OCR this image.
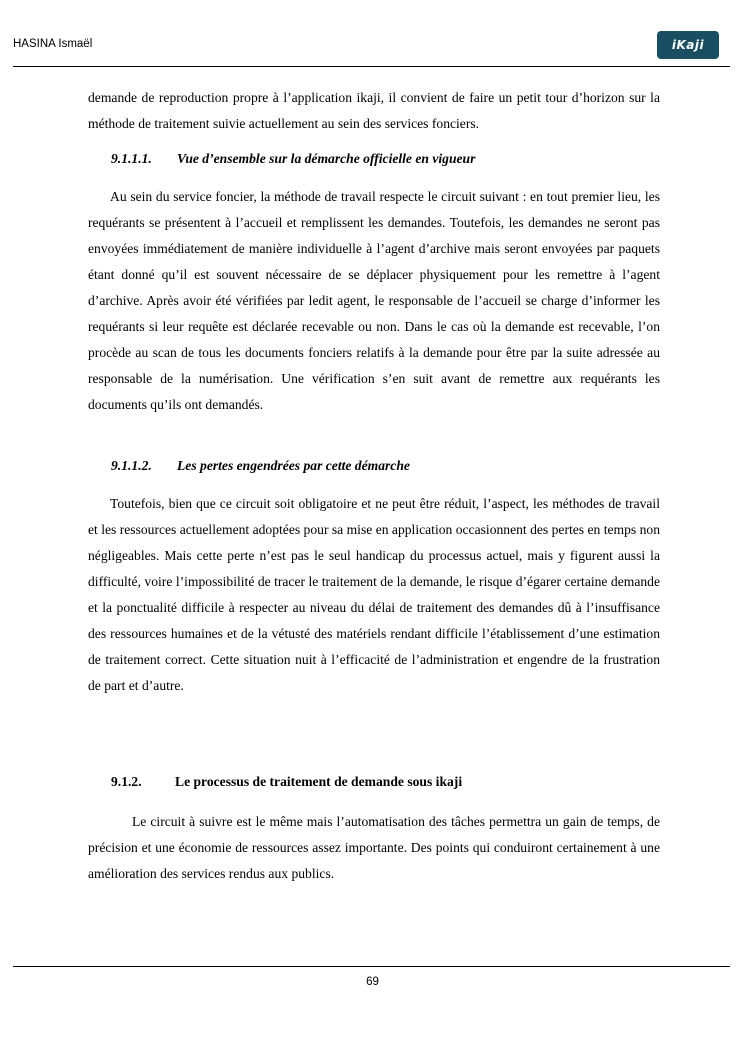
HASINA Ismaël	iKaji

demande de reproduction propre à l’application ikaji, il convient de faire un petit tour d’horizon sur la méthode de traitement suivie actuellement au sein des services fonciers.

9.1.1.1. Vue d’ensemble sur la démarche officielle en vigueur

Au sein du service foncier, la méthode de travail respecte le circuit suivant : en tout premier lieu, les requérants se présentent à l’accueil et remplissent les demandes. Toutefois, les demandes ne seront pas envoyées immédiatement de manière individuelle à l’agent d’archive mais seront envoyées par paquets étant donné qu’il est souvent nécessaire de se déplacer physiquement pour les remettre à l’agent d’archive. Après avoir été vérifiées par ledit agent, le responsable de l’accueil se charge d’informer les requérants si leur requête est déclarée recevable ou non. Dans le cas où la demande est recevable, l’on procède au scan de tous les documents fonciers relatifs à la demande pour être par la suite adressée au responsable de la numérisation. Une vérification s’en suit avant de remettre aux requérants les documents qu’ils ont demandés.

9.1.1.2. Les pertes engendrées par cette démarche

Toutefois, bien que ce circuit soit obligatoire et ne peut être réduit, l’aspect, les méthodes de travail et les ressources actuellement adoptées pour sa mise en application occasionnent des pertes en temps non négligeables. Mais cette perte n’est pas le seul handicap du processus actuel, mais y figurent aussi la difficulté, voire l’impossibilité de tracer le traitement de la demande, le risque d’égarer certaine demande et la ponctualité difficile à respecter au niveau du délai de traitement des demandes dû à l’insuffisance des ressources humaines et de la vétusté des matériels rendant difficile l’établissement d’une estimation de traitement correct. Cette situation nuit à l’efficacité de l’administration et engendre de la frustration de part et d’autre.

9.1.2. Le processus de traitement de demande sous ikaji

Le circuit à suivre est le même mais l’automatisation des tâches permettra un gain de temps, de précision et une économie de ressources assez importante. Des points qui conduiront certainement à une amélioration des services rendus aux publics.

69
